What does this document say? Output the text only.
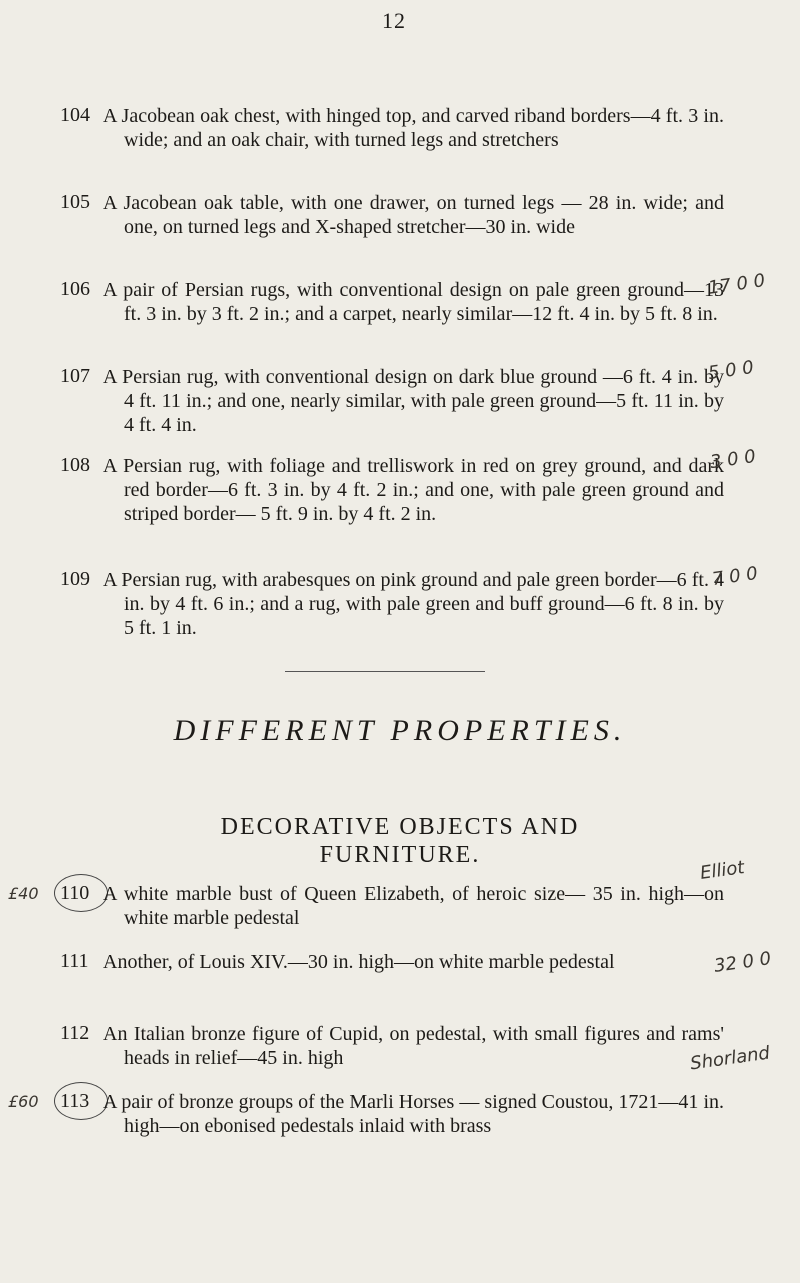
12
104 A Jacobean oak chest, with hinged top, and carved riband borders—4 ft. 3 in. wide; and an oak chair, with turned legs and stretchers
105 A Jacobean oak table, with one drawer, on turned legs — 28 in. wide; and one, on turned legs and X-shaped stretcher—30 in. wide
106 A pair of Persian rugs, with conventional design on pale green ground—13 ft. 3 in. by 3 ft. 2 in.; and a carpet, nearly similar—12 ft. 4 in. by 5 ft. 8 in.
107 A Persian rug, with conventional design on dark blue ground —6 ft. 4 in. by 4 ft. 11 in.; and one, nearly similar, with pale green ground—5 ft. 11 in. by 4 ft. 4 in.
108 A Persian rug, with foliage and trelliswork in red on grey ground, and dark red border—6 ft. 3 in. by 4 ft. 2 in.; and one, with pale green ground and striped border— 5 ft. 9 in. by 4 ft. 2 in.
109 A Persian rug, with arabesques on pink ground and pale green border—6 ft. 4 in. by 4 ft. 6 in.; and a rug, with pale green and buff ground—6 ft. 8 in. by 5 ft. 1 in.
17 0 0
5 0 0
3 0 0
7 0 0
DIFFERENT PROPERTIES.
DECORATIVE OBJECTS AND
FURNITURE.
110 A white marble bust of Queen Elizabeth, of heroic size— 35 in. high—on white marble pedestal
111 Another, of Louis XIV.—30 in. high—on white marble pedestal
112 An Italian bronze figure of Cupid, on pedestal, with small figures and rams' heads in relief—45 in. high
113 A pair of bronze groups of the Marli Horses — signed Coustou, 1721—41 in. high—on ebonised pedestals inlaid with brass
Elliot
32 0 0
Shorland
£40
£60
